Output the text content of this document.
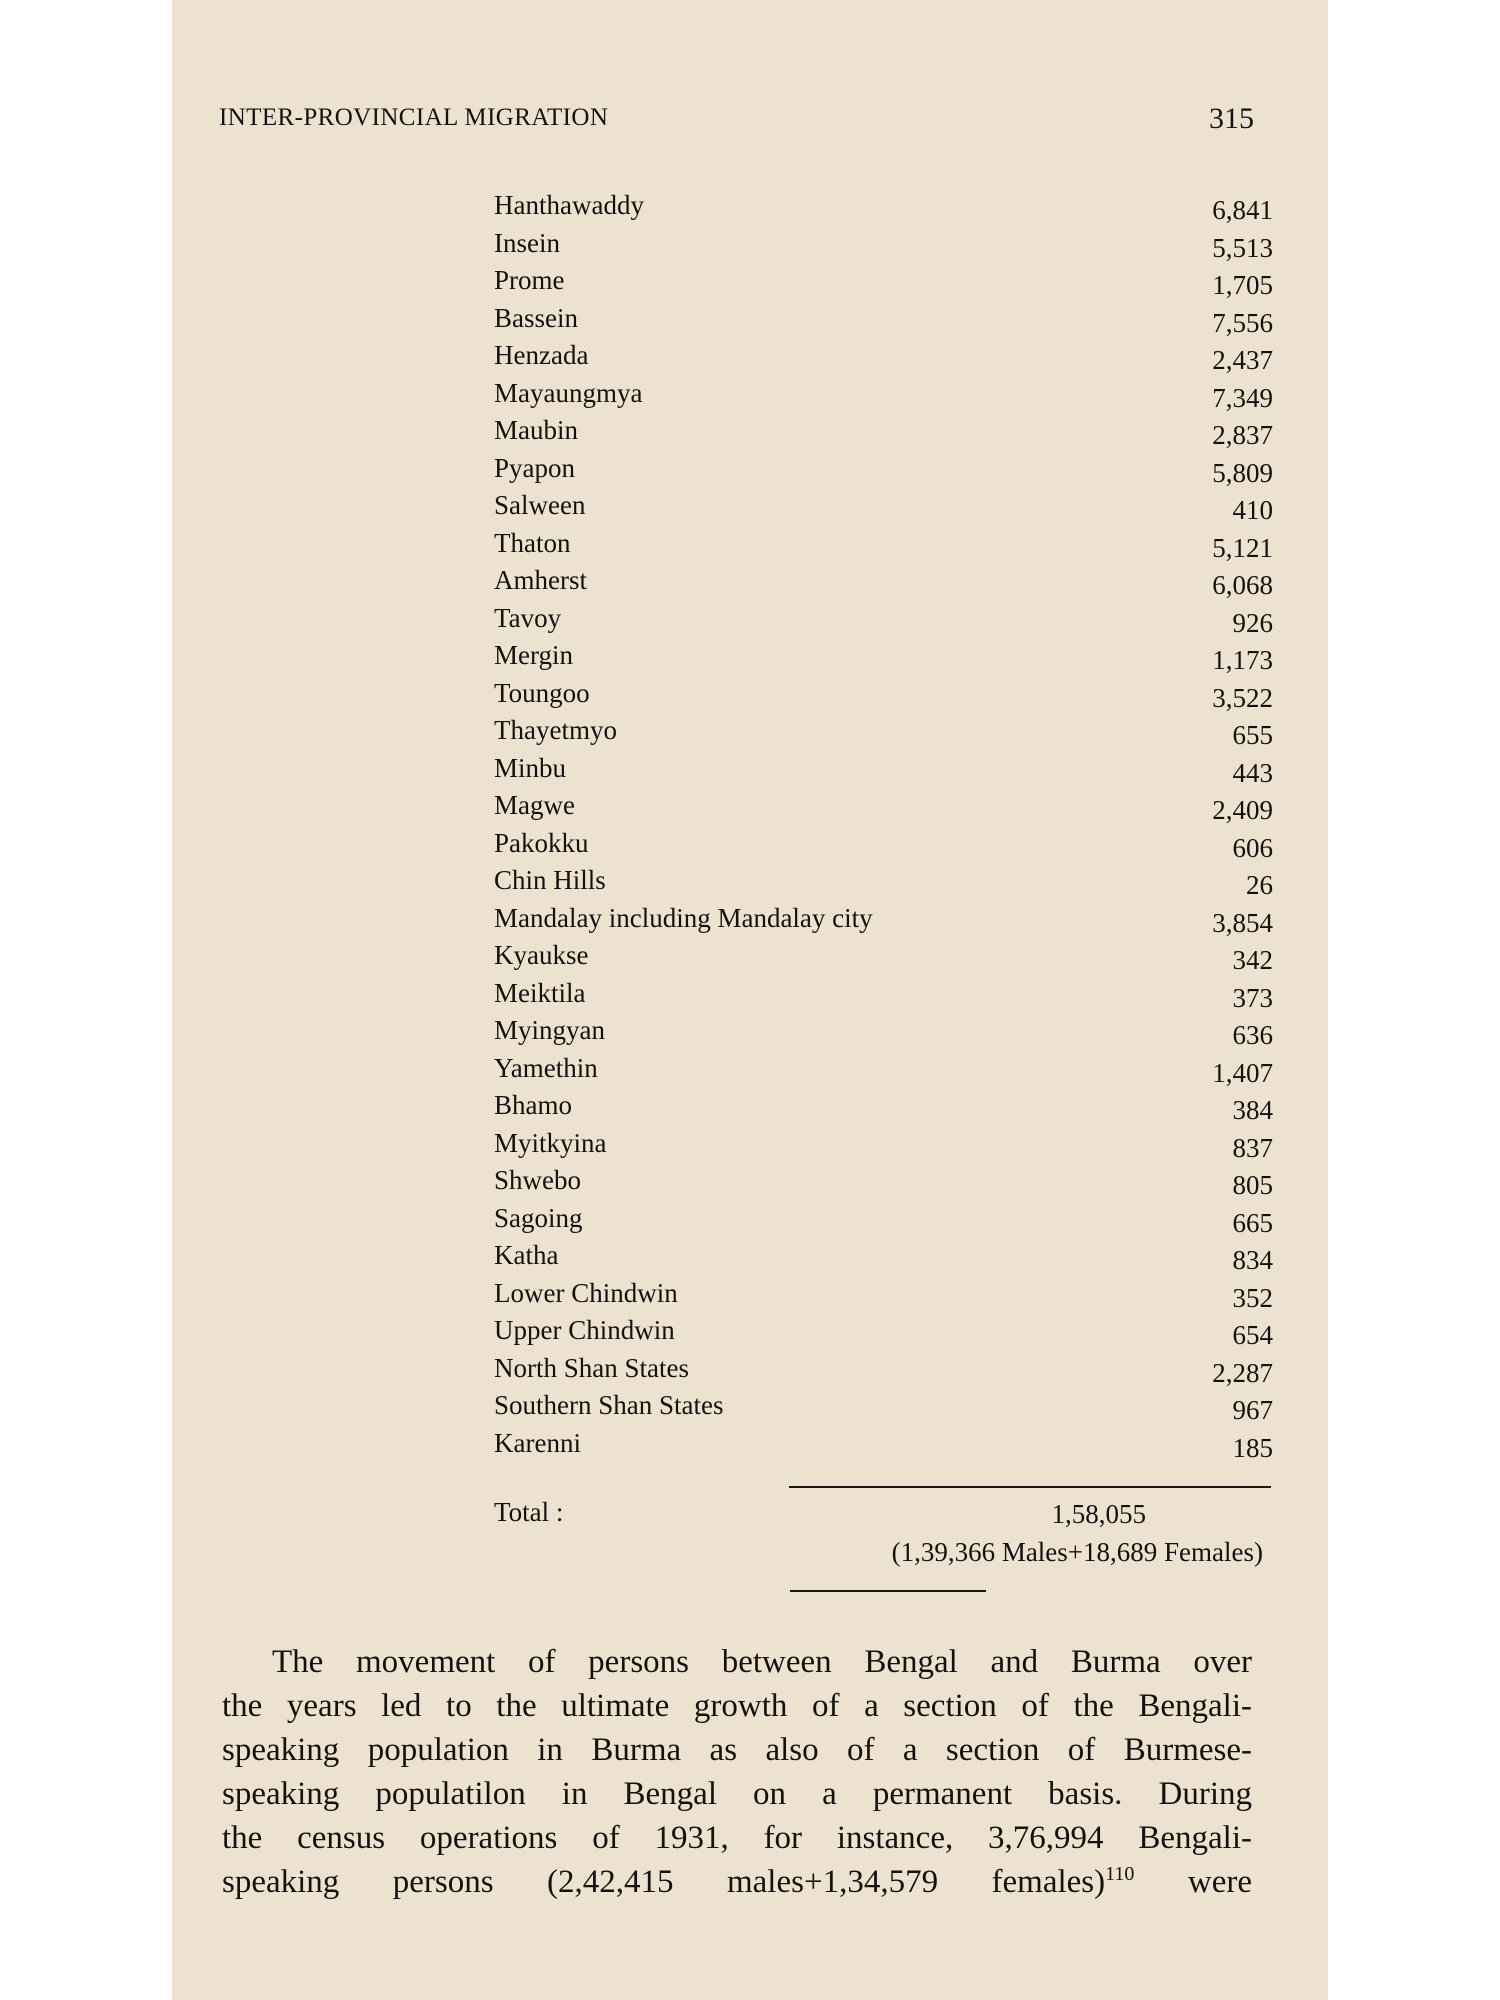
INTER-PROVINCIAL MIGRATION	315
Hanthawaddy	6,841
Insein	5,513
Prome	1,705
Bassein	7,556
Henzada	2,437
Mayaungmya	7,349
Maubin	2,837
Pyapon	5,809
Salween	410
Thaton	5,121
Amherst	6,068
Tavoy	926
Mergin	1,173
Toungoo	3,522
Thayetmyo	655
Minbu	443
Magwe	2,409
Pakokku	606
Chin Hills	26
Mandalay including Mandalay city	3,854
Kyaukse	342
Meiktila	373
Myingyan	636
Yamethin	1,407
Bhamo	384
Myitkyina	837
Shwebo	805
Sagoing	665
Katha	834
Lower Chindwin	352
Upper Chindwin	654
North Shan States	2,287
Southern Shan States	967
Karenni	185
Total :	1,58,055
(1,39,366 Males+18,689 Females)
The movement of persons between Bengal and Burma over
the years led to the ultimate growth of a section of the Bengali-
speaking population in Burma as also of a section of Burmese-
speaking populatilon in Bengal on a permanent basis. During
the census operations of 1931, for instance, 3,76,994 Bengali-
speaking persons (2,42,415 males+1,34,579 females)$^{110}$ were
